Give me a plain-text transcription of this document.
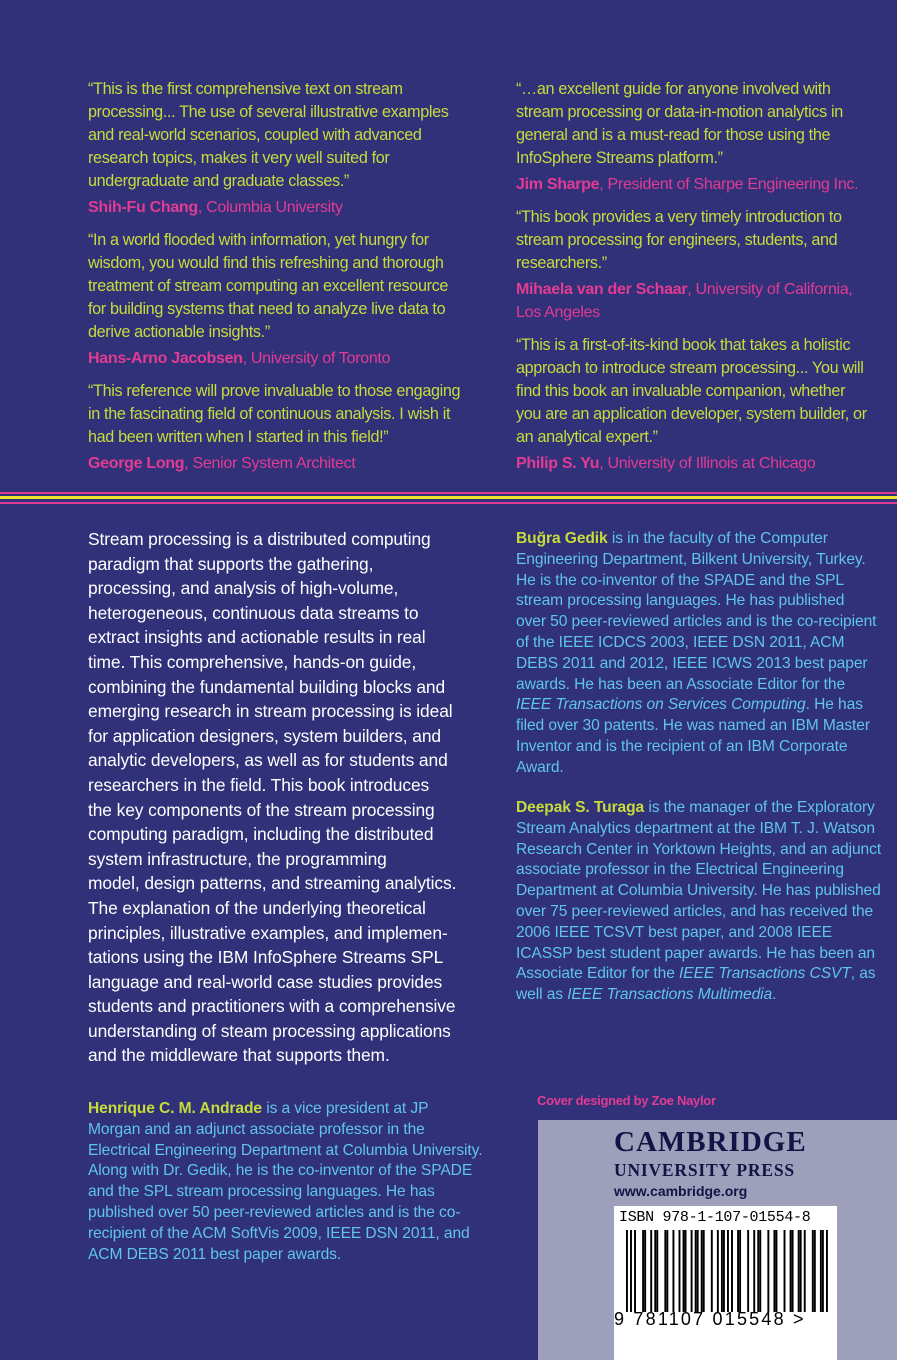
“This is the first comprehensive text on stream
processing... The use of several illustrative examples
and real-world scenarios, coupled with advanced
research topics, makes it very well suited for
undergraduate and graduate classes.”

Shih-Fu Chang, Columbia University

“In a world flooded with information, yet hungry for
wisdom, you would find this refreshing and thorough
treatment of stream computing an excellent resource
for building systems that need to analyze live data to
derive actionable insights.”

Hans-Arno Jacobsen, University of Toronto

“This reference will prove invaluable to those engaging
in the fascinating field of continuous analysis. I wish it
had been written when I started in this field!”

George Long, Senior System Architect

“…an excellent guide for anyone involved with
stream processing or data-in-motion analytics in
general and is a must-read for those using the
InfoSphere Streams platform.”

Jim Sharpe, President of Sharpe Engineering Inc.

“This book provides a very timely introduction to
stream processing for engineers, students, and
researchers.”

Mihaela van der Schaar, University of California, Los Angeles

“This is a first-of-its-kind book that takes a holistic
approach to introduce stream processing... You will
find this book an invaluable companion, whether
you are an application developer, system builder, or
an analytical expert.”

Philip S. Yu, University of Illinois at Chicago

Stream processing is a distributed computing
paradigm that supports the gathering,
processing, and analysis of high-volume,
heterogeneous, continuous data streams to
extract insights and actionable results in real
time. This comprehensive, hands-on guide,
combining the fundamental building blocks and
emerging research in stream processing is ideal
for application designers, system builders, and
analytic developers, as well as for students and
researchers in the field. This book introduces
the key components of the stream processing
computing paradigm, including the distributed
system infrastructure, the programming
model, design patterns, and streaming analytics.
The explanation of the underlying theoretical
principles, illustrative examples, and implemen-
tations using the IBM InfoSphere Streams SPL
language and real-world case studies provides
students and practitioners with a comprehensive
understanding of steam processing applications
and the middleware that supports them.

Buğra Gedik is in the faculty of the Computer Engineering Department, Bilkent University, Turkey. He is the co-inventor of the SPADE and the SPL stream processing languages. He has published over 50 peer-reviewed articles and is the co-recipient of the IEEE ICDCS 2003, IEEE DSN 2011, ACM DEBS 2011 and 2012, IEEE ICWS 2013 best paper awards. He has been an Associate Editor for the IEEE Transactions on Services Computing. He has filed over 30 patents. He was named an IBM Master Inventor and is the recipient of an IBM Corporate Award.

Deepak S. Turaga is the manager of the Exploratory Stream Analytics department at the IBM T. J. Watson Research Center in Yorktown Heights, and an adjunct associate professor in the Electrical Engineering Department at Columbia University. He has published over 75 peer-reviewed articles, and has received the 2006 IEEE TCSVT best paper, and 2008 IEEE ICASSP best student paper awards. He has been an Associate Editor for the IEEE Transactions CSVT, as well as IEEE Transactions Multimedia.

Henrique C. M. Andrade is a vice president at JP Morgan and an adjunct associate professor in the Electrical Engineering Department at Columbia University. Along with Dr. Gedik, he is the co-inventor of the SPADE and the SPL stream processing languages. He has published over 50 peer-reviewed articles and is the co-recipient of the ACM SoftVis 2009, IEEE DSN 2011, and ACM DEBS 2011 best paper awards.

Cover designed by Zoe Naylor

CAMBRIDGE

UNIVERSITY PRESS

www.cambridge.org

ISBN 978-1-107-01554-8

9 781107 015548 >
